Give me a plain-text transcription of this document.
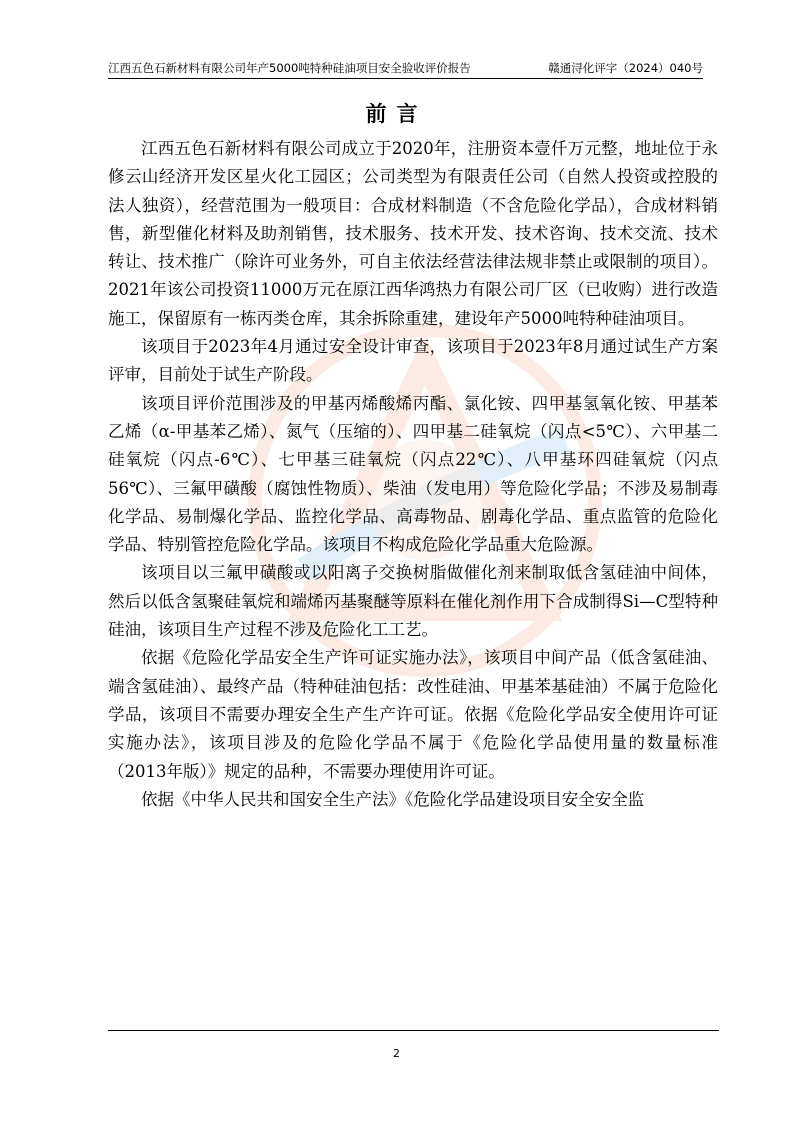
江西五色石新材料有限公司年产5000吨特种硅油项目安全验收评价报告	赣通浔化评字（2024）040号
前言

江西五色石新材料有限公司成立于2020年，注册资本壹仟万元整，地址位于永修云山经济开发区星火化工园区；公司类型为有限责任公司（自然人投资或控股的法人独资），经营范围为一般项目：合成材料制造（不含危险化学品），合成材料销售，新型催化材料及助剂销售，技术服务、技术开发、技术咨询、技术交流、技术转让、技术推广（除许可业务外，可自主依法经营法律法规非禁止或限制的项目）。2021年该公司投资11000万元在原江西华鸿热力有限公司厂区（已收购）进行改造施工，保留原有一栋丙类仓库，其余拆除重建，建设年产5000吨特种硅油项目。

该项目于2023年4月通过安全设计审查，该项目于2023年8月通过试生产方案评审，目前处于试生产阶段。

该项目评价范围涉及的甲基丙烯酸烯丙酯、氯化铵、四甲基氢氧化铵、甲基苯乙烯（α-甲基苯乙烯）、氮气（压缩的）、四甲基二硅氧烷（闪点<5℃）、六甲基二硅氧烷（闪点-6℃）、七甲基三硅氧烷（闪点22℃）、八甲基环四硅氧烷（闪点56℃）、三氟甲磺酸（腐蚀性物质）、柴油（发电用）等危险化学品；不涉及易制毒化学品、易制爆化学品、监控化学品、高毒物品、剧毒化学品、重点监管的危险化学品、特别管控危险化学品。该项目不构成危险化学品重大危险源。

该项目以三氟甲磺酸或以阳离子交换树脂做催化剂来制取低含氢硅油中间体，然后以低含氢聚硅氧烷和端烯丙基聚醚等原料在催化剂作用下合成制得Si—C型特种硅油，该项目生产过程不涉及危险化工工艺。

依据《危险化学品安全生产许可证实施办法》，该项目中间产品（低含氢硅油、端含氢硅油）、最终产品（特种硅油包括：改性硅油、甲基苯基硅油）不属于危险化学品，该项目不需要办理安全生产生产许可证。依据《危险化学品安全使用许可证实施办法》，该项目涉及的危险化学品不属于《危险化学品使用量的数量标准（2013年版）》规定的品种，不需要办理使用许可证。

依据《中华人民共和国安全生产法》《危险化学品建设项目安全安全监

2
